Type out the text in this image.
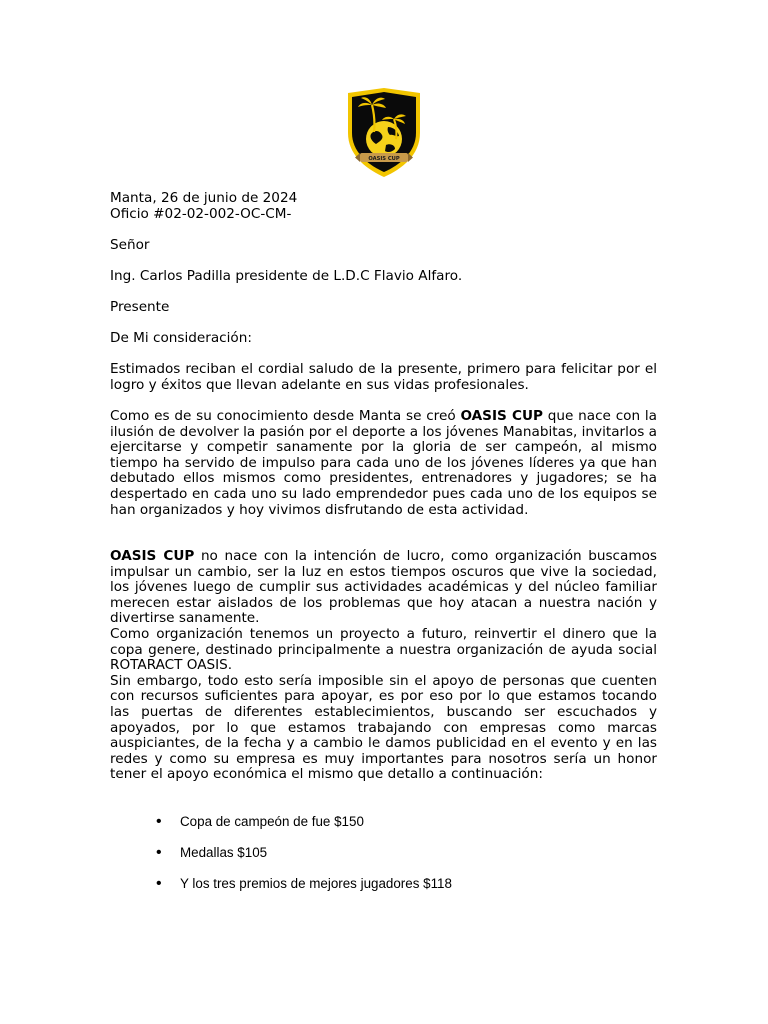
OASIS CUP

Manta, 26 de junio de 2024

Oficio #02-02-002-OC-CM-

Señor

Ing. Carlos Padilla presidente de L.D.C Flavio Alfaro.

Presente

De Mi consideración:

Estimados reciban el cordial saludo de la presente, primero para felicitar por el logro y éxitos que llevan adelante en sus vidas profesionales.

Como es de su conocimiento desde Manta se creó OASIS CUP que nace con la ilusión de devolver la pasión por el deporte a los jóvenes Manabitas, invitarlos a ejercitarse y competir sanamente por la gloria de ser campeón, al mismo tiempo ha servido de impulso para cada uno de los jóvenes líderes ya que han debutado ellos mismos como presidentes, entrenadores y jugadores; se ha despertado en cada uno su lado emprendedor pues cada uno de los equipos se han organizados y hoy vivimos disfrutando de esta actividad.

OASIS CUP no nace con la intención de lucro, como organización buscamos impulsar un cambio, ser la luz en estos tiempos oscuros que vive la sociedad, los jóvenes luego de cumplir sus actividades académicas y del núcleo familiar merecen estar aislados de los problemas que hoy atacan a nuestra nación y divertirse sanamente.

Como organización tenemos un proyecto a futuro, reinvertir el dinero que la copa genere, destinado principalmente a nuestra organización de ayuda social ROTARACT OASIS.

Sin embargo, todo esto sería imposible sin el apoyo de personas que cuenten con recursos suficientes para apoyar, es por eso por lo que estamos tocando las puertas de diferentes establecimientos, buscando ser escuchados y apoyados, por lo que estamos trabajando con empresas como marcas auspiciantes, de la fecha y a cambio le damos publicidad en el evento y en las redes y como su empresa es muy importantes para nosotros sería un honor tener el apoyo económica el mismo que detallo a continuación:

• Copa de campeón de fue $150
• Medallas $105
• Y los tres premios de mejores jugadores $118
